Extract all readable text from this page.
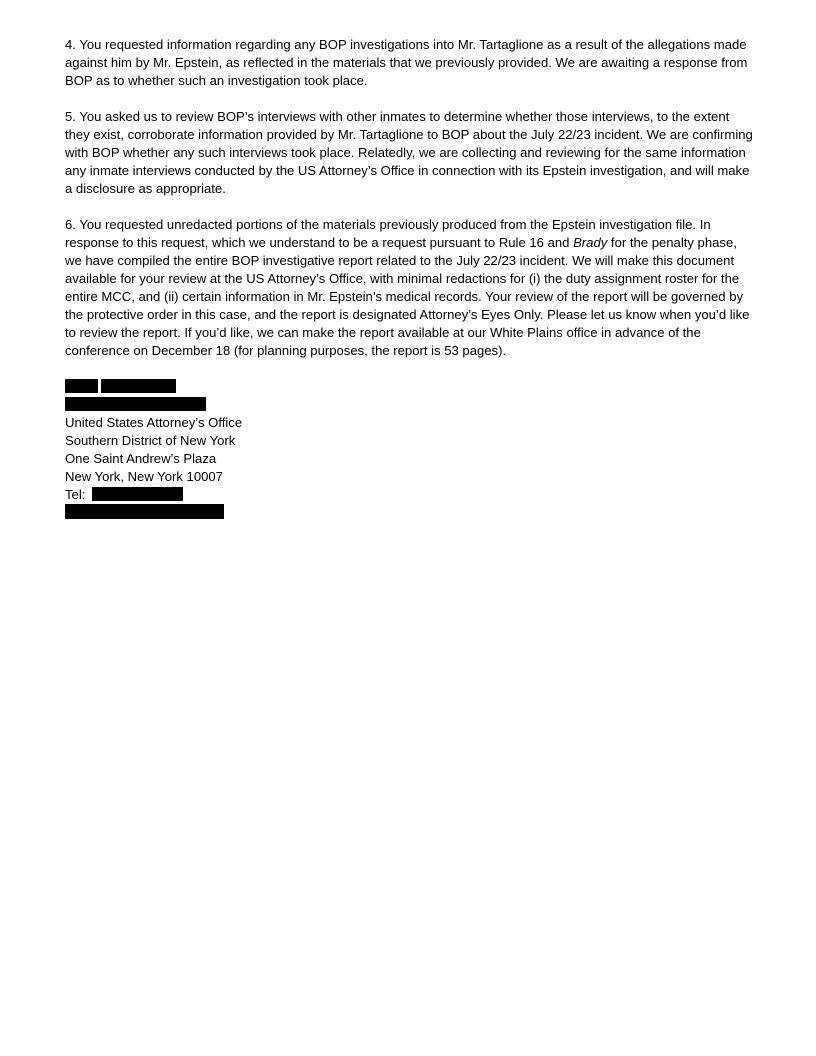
4. You requested information regarding any BOP investigations into Mr. Tartaglione as a result of the allegations made against him by Mr. Epstein, as reflected in the materials that we previously provided. We are awaiting a response from BOP as to whether such an investigation took place.

5. You asked us to review BOP’s interviews with other inmates to determine whether those interviews, to the extent they exist, corroborate information provided by Mr. Tartaglione to BOP about the July 22/23 incident. We are confirming with BOP whether any such interviews took place. Relatedly, we are collecting and reviewing for the same information any inmate interviews conducted by the US Attorney’s Office in connection with its Epstein investigation, and will make a disclosure as appropriate.

6. You requested unredacted portions of the materials previously produced from the Epstein investigation file. In response to this request, which we understand to be a request pursuant to Rule 16 and Brady for the penalty phase, we have compiled the entire BOP investigative report related to the July 22/23 incident. We will make this document available for your review at the US Attorney’s Office, with minimal redactions for (i) the duty assignment roster for the entire MCC, and (ii) certain information in Mr. Epstein’s medical records. Your review of the report will be governed by the protective order in this case, and the report is designated Attorney’s Eyes Only. Please let us know when you’d like to review the report. If you’d like, we can make the report available at our White Plains office in advance of the conference on December 18 (for planning purposes, the report is 53 pages).

United States Attorney’s Office
Southern District of New York
One Saint Andrew’s Plaza
New York, New York 10007
Tel:
